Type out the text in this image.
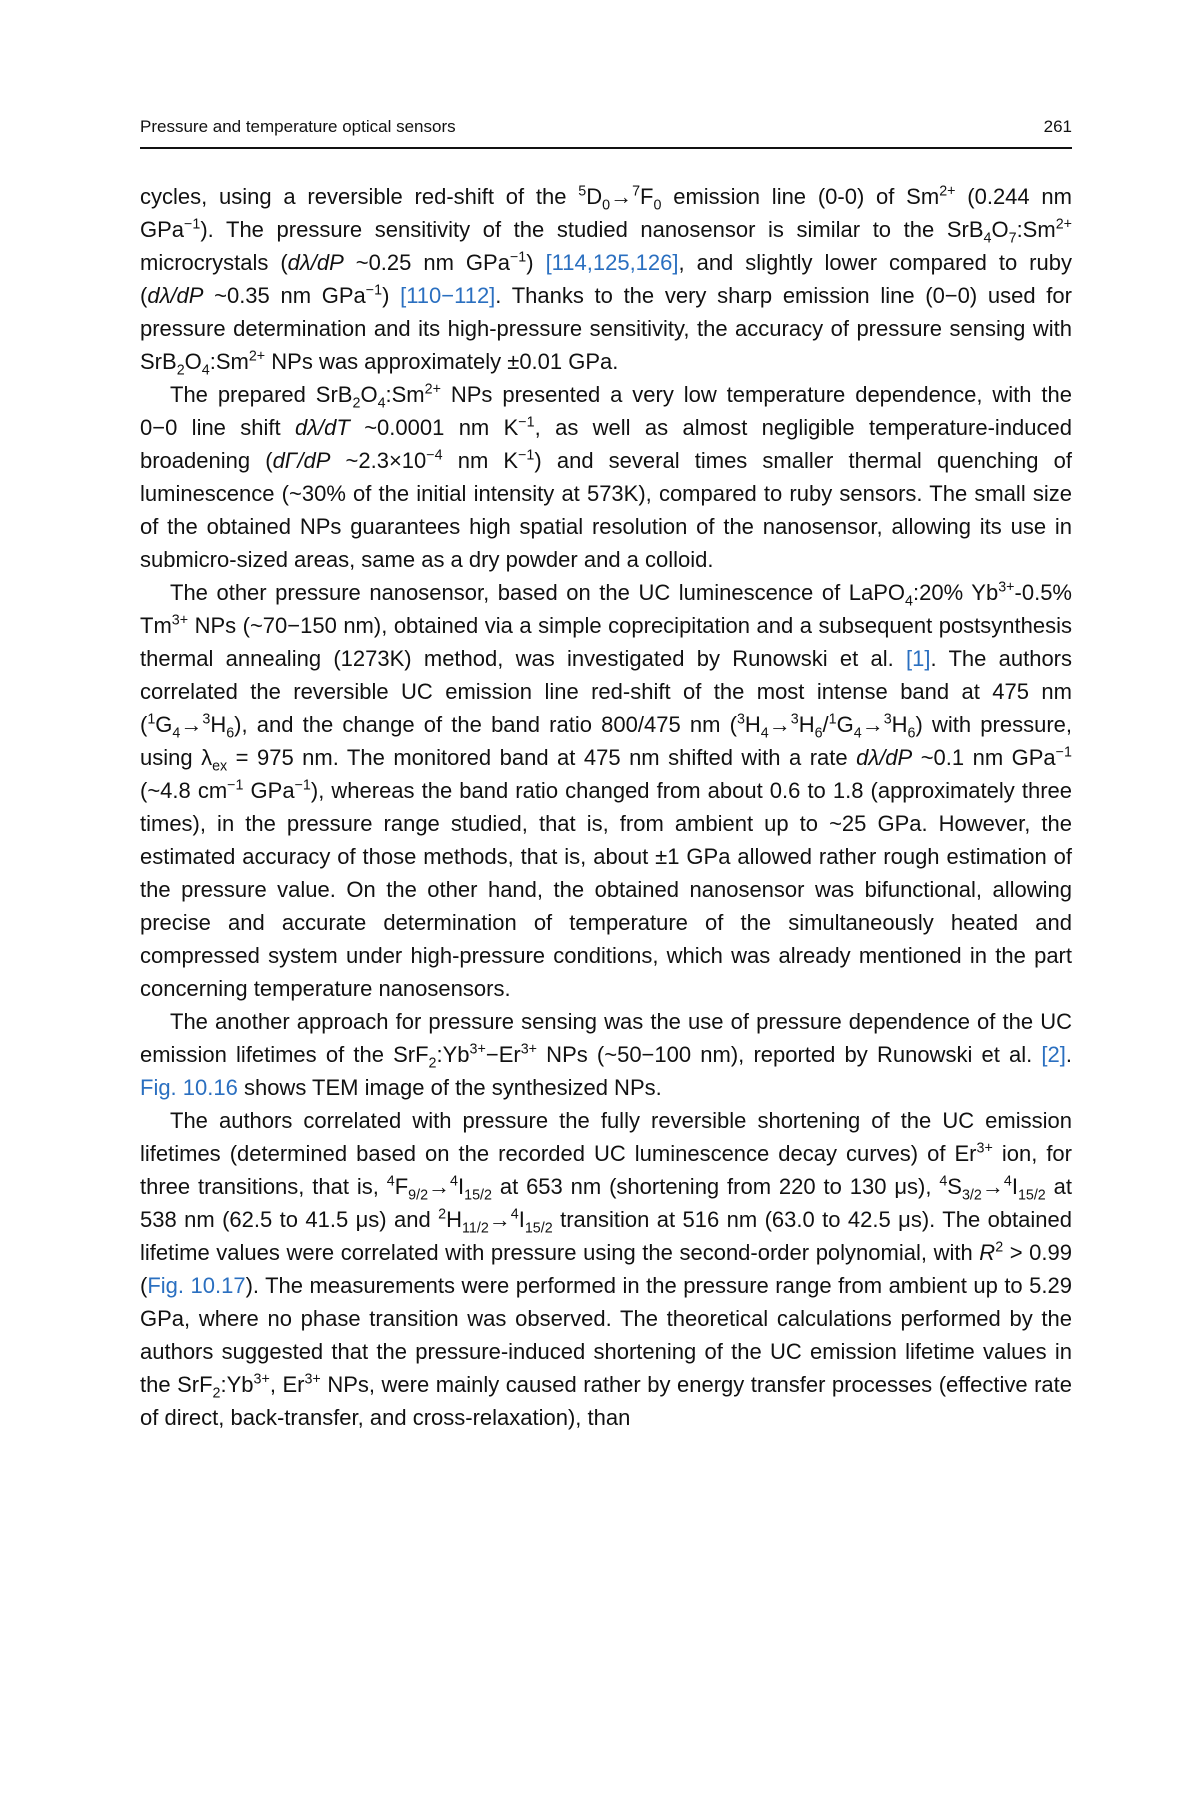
Pressure and temperature optical sensors	261

cycles, using a reversible red-shift of the $^5D_0\to^7F_0$ emission line (0-0) of $Sm^{2+}$ (0.244 nm GPa$^{-1}$). The pressure sensitivity of the studied nanosensor is similar to the $SrB_4O_7:Sm^{2+}$ microcrystals (dλ/dP ~0.25 nm GPa$^{-1}$) [114,125,126], and slightly lower compared to ruby (dλ/dP ~0.35 nm GPa$^{-1}$) [110−112]. Thanks to the very sharp emission line (0−0) used for pressure determination and its high-pressure sensitivity, the accuracy of pressure sensing with $SrB_2O_4:Sm^{2+}$ NPs was approximately ±0.01 GPa.

The prepared $SrB_2O_4:Sm^{2+}$ NPs presented a very low temperature dependence, with the 0−0 line shift dλ/dT ~0.0001 nm $K^{-1}$, as well as almost negligible temperature-induced broadening (dΓ/dP $\sim 2.3\times 10^{-4}$ nm $K^{-1}$) and several times smaller thermal quenching of luminescence (~30% of the initial intensity at 573K), compared to ruby sensors. The small size of the obtained NPs guarantees high spatial resolution of the nanosensor, allowing its use in submicro-sized areas, same as a dry powder and a colloid.

The other pressure nanosensor, based on the UC luminescence of LaPO$_4$:20% $Yb^{3+}-0.5\%$ $Tm^{3+}$ NPs (~70−150 nm), obtained via a simple coprecipitation and a subsequent postsynthesis thermal annealing (1273K) method, was investigated by Runowski et al. [1]. The authors correlated the reversible UC emission line red-shift of the most intense band at 475 nm $(^1G_4\to^3H_6)$, and the change of the band ratio 800/475 nm $(^3H_4\to^3H_6/^1G_4\to^3H_6)$ with pressure, using $\lambda_{ex} = 975$ nm. The monitored band at 475 nm shifted with a rate dλ/dP ~0.1 nm GPa$^{-1}$ (~4.8 $cm^{-1}$ GPa$^{-1}$), whereas the band ratio changed from about 0.6 to 1.8 (approximately three times), in the pressure range studied, that is, from ambient up to ~25 GPa. However, the estimated accuracy of those methods, that is, about ±1 GPa allowed rather rough estimation of the pressure value. On the other hand, the obtained nanosensor was bifunctional, allowing precise and accurate determination of temperature of the simultaneously heated and compressed system under high-pressure conditions, which was already mentioned in the part concerning temperature nanosensors.

The another approach for pressure sensing was the use of pressure dependence of the UC emission lifetimes of the $SrF_2:Yb^{3+}-Er^{3+}$ NPs (~50−100 nm), reported by Runowski et al. [2]. Fig. 10.16 shows TEM image of the synthesized NPs.

The authors correlated with pressure the fully reversible shortening of the UC emission lifetimes (determined based on the recorded UC luminescence decay curves) of $Er^{3+}$ ion, for three transitions, that is, $^4F_{9/2}\to^4I_{15/2}$ at 653 nm (shortening from 220 to 130 μs), $^4S_{3/2}\to^4I_{15/2}$ at 538 nm (62.5 to 41.5 μs) and $^2H_{11/2}\to^4I_{15/2}$ transition at 516 nm (63.0 to 42.5 μs). The obtained lifetime values were correlated with pressure using the second-order polynomial, with $R^2 > 0.99$ (Fig. 10.17). The measurements were performed in the pressure range from ambient up to 5.29 GPa, where no phase transition was observed. The theoretical calculations performed by the authors suggested that the pressure-induced shortening of the UC emission lifetime values in the $SrF_2:Yb^{3+}$, $Er^{3+}$ NPs, were mainly caused rather by energy transfer processes (effective rate of direct, back-transfer, and cross-relaxation), than
